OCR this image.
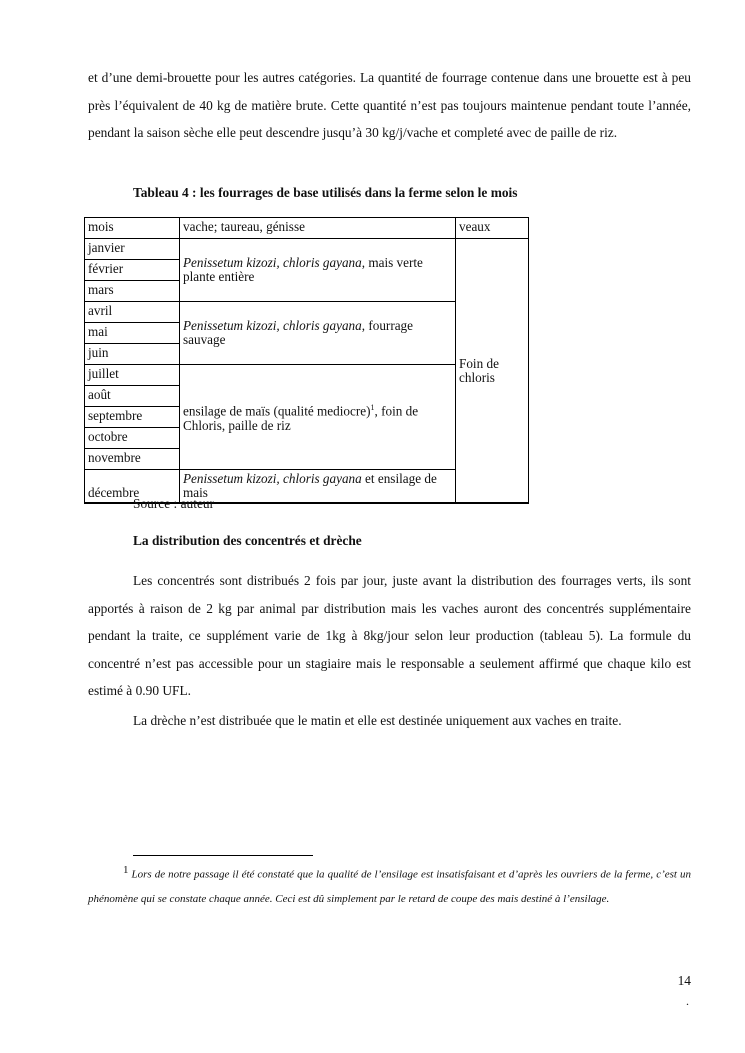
et d’une demi-brouette pour les autres catégories. La quantité de fourrage contenue dans une brouette est à peu près l’équivalent de 40 kg de matière brute. Cette quantité n’est pas toujours maintenue pendant toute l’année, pendant la saison sèche elle peut descendre jusqu’à 30 kg/j/vache et completé avec de paille de riz.

Tableau 4 : les fourrages de base utilisés dans la ferme selon le mois

mois	vache; taureau, génisse	veaux
janvier	Penissetum kizozi, chloris gayana, mais verte plante entière	Foin de chloris
février		
mars		
avril	Penissetum kizozi, chloris gayana, fourrage sauvage	
mai		
juin		
juillet	ensilage de maïs (qualité mediocre)$^1$, foin de Chloris, paille de riz	
août		
septembre		
octobre		
novembre		
décembre	Penissetum kizozi, chloris gayana et ensilage de mais	

Source : auteur

La distribution des concentrés et drèche

Les concentrés sont distribués 2 fois par jour, juste avant la distribution des fourrages verts, ils sont apportés à raison de 2 kg par animal par distribution mais les vaches auront des concentrés supplémentaire pendant la traite, ce supplément varie de 1kg à 8kg/jour selon leur production (tableau 5). La formule du concentré n’est pas accessible pour un stagiaire mais le responsable a seulement affirmé que chaque kilo est estimé à 0.90 UFL.

La drèche n’est distribuée que le matin et elle est destinée uniquement aux vaches en traite.

$^1$ Lors de notre passage il été constaté que la qualité de l’ensilage est insatisfaisant et d’après les ouvriers de la ferme, c’est un phénomène qui se constate chaque année. Ceci est dû simplement par le retard de coupe des mais destiné à l’ensilage.

14
.
